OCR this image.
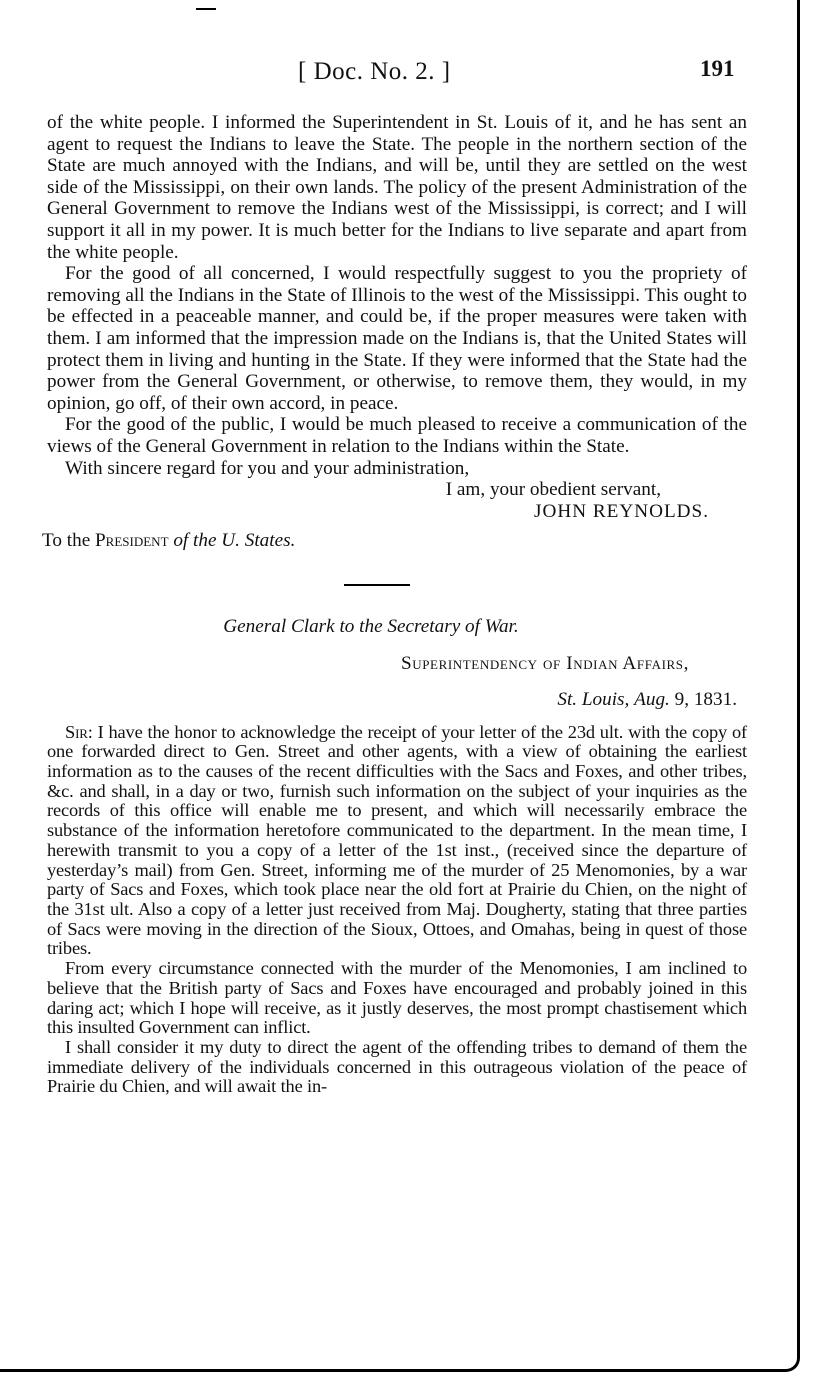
[ Doc. No. 2. ]	191

of the white people. I informed the Superintendent in St. Louis of it, and he has sent an agent to request the Indians to leave the State. The people in the northern section of the State are much annoyed with the Indians, and will be, until they are settled on the west side of the Mississippi, on their own lands. The policy of the present Administration of the General Government to remove the Indians west of the Mississippi, is correct; and I will support it all in my power. It is much better for the Indians to live separate and apart from the white people.

For the good of all concerned, I would respectfully suggest to you the propriety of removing all the Indians in the State of Illinois to the west of the Mississippi. This ought to be effected in a peaceable manner, and could be, if the proper measures were taken with them. I am informed that the impression made on the Indians is, that the United States will protect them in living and hunting in the State. If they were informed that the State had the power from the General Government, or otherwise, to remove them, they would, in my opinion, go off, of their own accord, in peace.

For the good of the public, I would be much pleased to receive a communication of the views of the General Government in relation to the Indians within the State.

With sincere regard for you and your administration,

I am, your obedient servant,

JOHN REYNOLDS.

To the President of the U. States.

General Clark to the Secretary of War.

Superintendency of Indian Affairs,

St. Louis, Aug. 9, 1831.

Sir: I have the honor to acknowledge the receipt of your letter of the 23d ult. with the copy of one forwarded direct to Gen. Street and other agents, with a view of obtaining the earliest information as to the causes of the recent difficulties with the Sacs and Foxes, and other tribes, &c. and shall, in a day or two, furnish such information on the subject of your inquiries as the records of this office will enable me to present, and which will necessarily embrace the substance of the information heretofore communicated to the department. In the mean time, I herewith transmit to you a copy of a letter of the 1st inst., (received since the departure of yesterday’s mail) from Gen. Street, informing me of the murder of 25 Menomonies, by a war party of Sacs and Foxes, which took place near the old fort at Prairie du Chien, on the night of the 31st ult. Also a copy of a letter just received from Maj. Dougherty, stating that three parties of Sacs were moving in the direction of the Sioux, Ottoes, and Omahas, being in quest of those tribes.

From every circumstance connected with the murder of the Menomonies, I am inclined to believe that the British party of Sacs and Foxes have encouraged and probably joined in this daring act; which I hope will receive, as it justly deserves, the most prompt chastisement which this insulted Government can inflict.

I shall consider it my duty to direct the agent of the offending tribes to demand of them the immediate delivery of the individuals concerned in this outrageous violation of the peace of Prairie du Chien, and will await the in-
